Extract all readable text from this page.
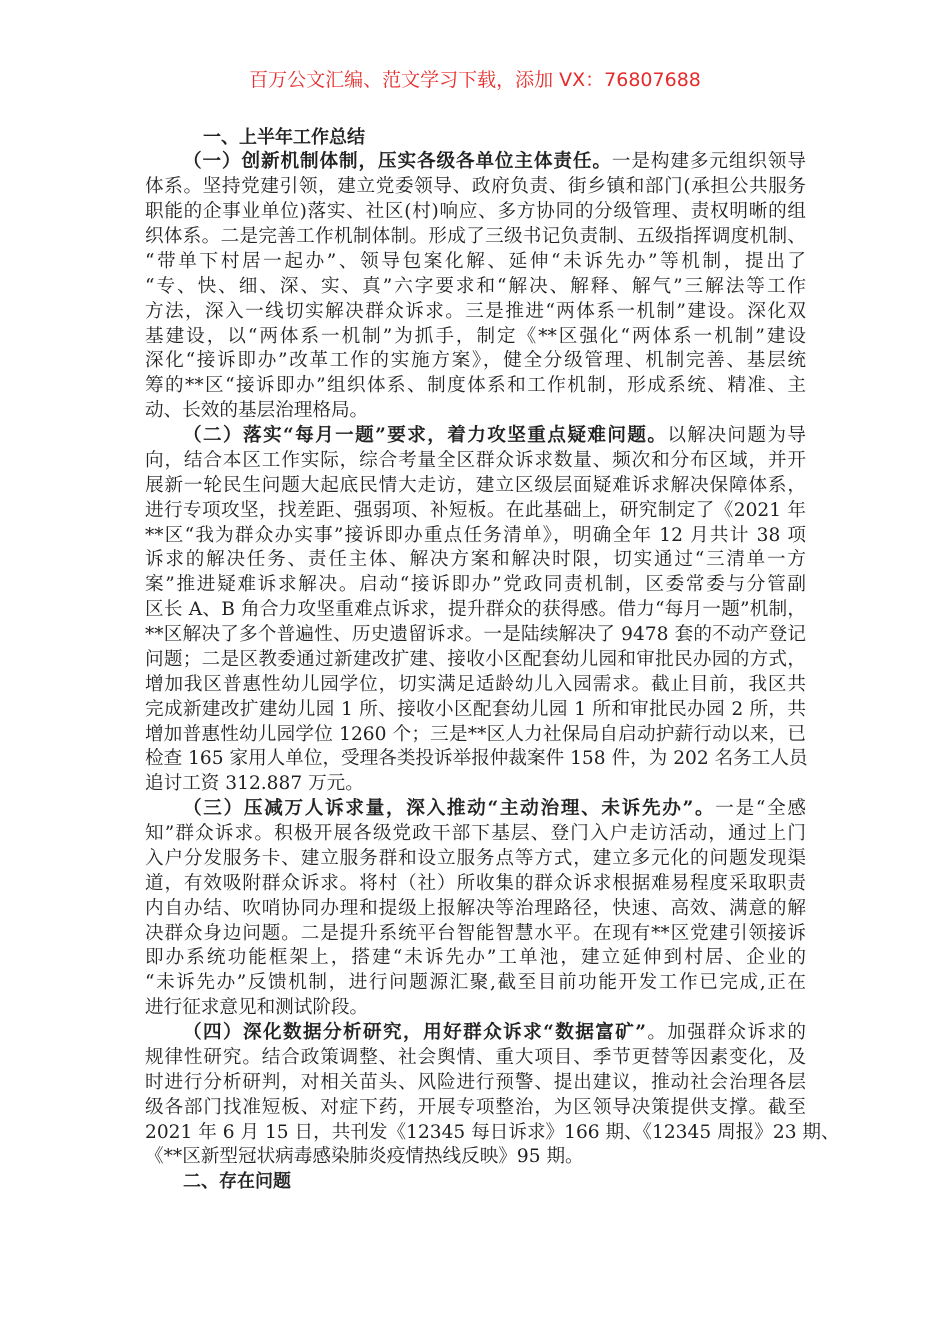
百万公文汇编、范文学习下载，添加 VX：76807688
一、上半年工作总结
（一）创新机制体制，压实各级各单位主体责任。一是构建多元组织领导
体系。坚持党建引领，建立党委领导、政府负责、街乡镇和部门(承担公共服务
职能的企事业单位)落实、社区(村)响应、多方协同的分级管理、责权明晰的组
织体系。二是完善工作机制体制。形成了三级书记负责制、五级指挥调度机制、
“带单下村居一起办”、领导包案化解、延伸“未诉先办”等机制，提出了
“专、快、细、深、实、真”六字要求和“解决、解释、解气”三解法等工作
方法，深入一线切实解决群众诉求。三是推进“两体系一机制”建设。深化双
基建设，以“两体系一机制”为抓手，制定《**区强化“两体系一机制”建设
深化“接诉即办”改革工作的实施方案》，健全分级管理、机制完善、基层统
筹的**区“接诉即办”组织体系、制度体系和工作机制，形成系统、精准、主
动、长效的基层治理格局。
（二）落实“每月一题”要求，着力攻坚重点疑难问题。以解决问题为导
向，结合本区工作实际，综合考量全区群众诉求数量、频次和分布区域，并开
展新一轮民生问题大起底民情大走访，建立区级层面疑难诉求解决保障体系，
进行专项攻坚，找差距、强弱项、补短板。在此基础上，研究制定了《2021 年
**区“我为群众办实事”接诉即办重点任务清单》，明确全年 12 月共计 38 项
诉求的解决任务、责任主体、解决方案和解决时限，切实通过“三清单一方
案”推进疑难诉求解决。启动“接诉即办”党政同责机制，区委常委与分管副
区长 A、B 角合力攻坚重难点诉求，提升群众的获得感。借力“每月一题”机制，
**区解决了多个普遍性、历史遗留诉求。一是陆续解决了 9478 套的不动产登记
问题；二是区教委通过新建改扩建、接收小区配套幼儿园和审批民办园的方式，
增加我区普惠性幼儿园学位，切实满足适龄幼儿入园需求。截止目前，我区共
完成新建改扩建幼儿园 1 所、接收小区配套幼儿园 1 所和审批民办园 2 所，共
增加普惠性幼儿园学位 1260 个；三是**区人力社保局自启动护薪行动以来，已
检查 165 家用人单位，受理各类投诉举报仲裁案件 158 件，为 202 名务工人员
追讨工资 312.887 万元。
（三）压减万人诉求量，深入推动“主动治理、未诉先办”。一是“全感
知”群众诉求。积极开展各级党政干部下基层、登门入户走访活动，通过上门
入户分发服务卡、建立服务群和设立服务点等方式，建立多元化的问题发现渠
道，有效吸附群众诉求。将村（社）所收集的群众诉求根据难易程度采取职责
内自办结、吹哨协同办理和提级上报解决等治理路径，快速、高效、满意的解
决群众身边问题。二是提升系统平台智能智慧水平。在现有**区党建引领接诉
即办系统功能框架上，搭建“未诉先办”工单池，建立延伸到村居、企业的
“未诉先办”反馈机制，进行问题源汇聚,截至目前功能开发工作已完成,正在
进行征求意见和测试阶段。
（四）深化数据分析研究，用好群众诉求“数据富矿”。加强群众诉求的
规律性研究。结合政策调整、社会舆情、重大项目、季节更替等因素变化，及
时进行分析研判，对相关苗头、风险进行预警、提出建议，推动社会治理各层
级各部门找准短板、对症下药，开展专项整治，为区领导决策提供支撑。截至
2021 年 6 月 15 日，共刊发《12345 每日诉求》166 期、《12345 周报》23 期、
《**区新型冠状病毒感染肺炎疫情热线反映》95 期。
二、存在问题
